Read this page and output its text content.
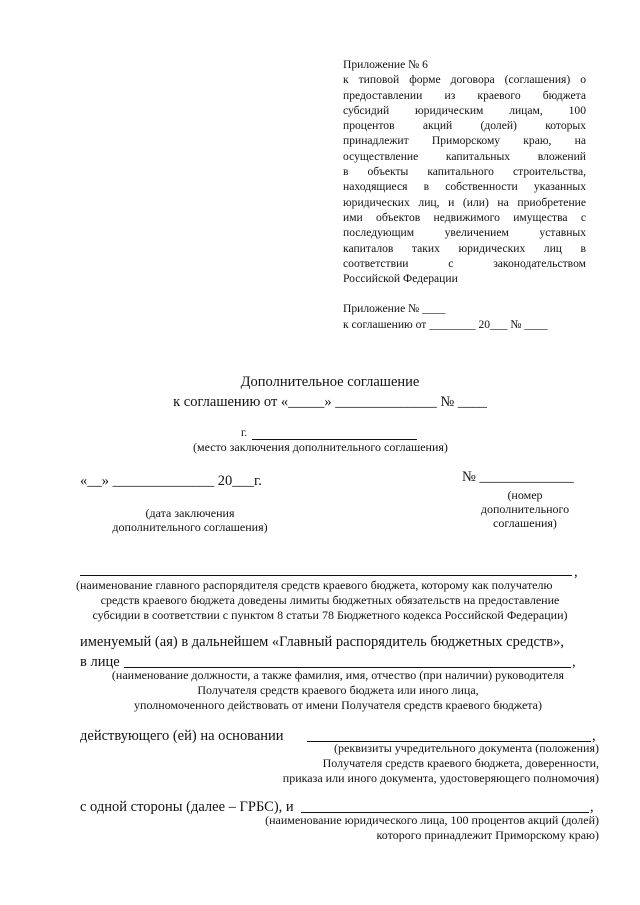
Приложение № 6
к типовой форме договора (соглашения) о
предоставлении из краевого бюджета
субсидий юридическим лицам, 100
процентов акций (долей) которых
принадлежит Приморскому краю, на
осуществление капитальных вложений
в объекты капитального строительства,
находящиеся в собственности указанных
юридических лиц, и (или) на приобретение
ими объектов недвижимого имущества с
последующим увеличением уставных
капиталов таких юридических лиц в
соответствии с законодательством
Российской Федерации
Приложение № ____
к соглашению от ________ 20___ № ____
Дополнительное соглашение
к соглашению от «_____» ______________ № ____
г.
(место заключения дополнительного соглашения)
«__» ______________ 20___г.
(дата заключения
дополнительного соглашения)
№ _____________
(номер
дополнительного
соглашения)
,
(наименование главного распорядителя средств краевого бюджета, которому как получателю
средств краевого бюджета доведены лимиты бюджетных обязательств на предоставление
субсидии в соответствии с пунктом 8 статьи 78 Бюджетного кодекса Российской Федерации)
именуемый (ая) в дальнейшем «Главный распорядитель бюджетных средств»,
в лице	,
(наименование должности, а также фамилия, имя, отчество (при наличии) руководителя
Получателя средств краевого бюджета или иного лица,
уполномоченного действовать от имени Получателя средств краевого бюджета)
действующего (ей) на основании	,
(реквизиты учредительного документа (положения)
Получателя средств краевого бюджета, доверенности,
приказа или иного документа, удостоверяющего полномочия)
с одной стороны (далее – ГРБС), и	,
(наименование юридического лица, 100 процентов акций (долей)
которого принадлежит Приморскому краю)
